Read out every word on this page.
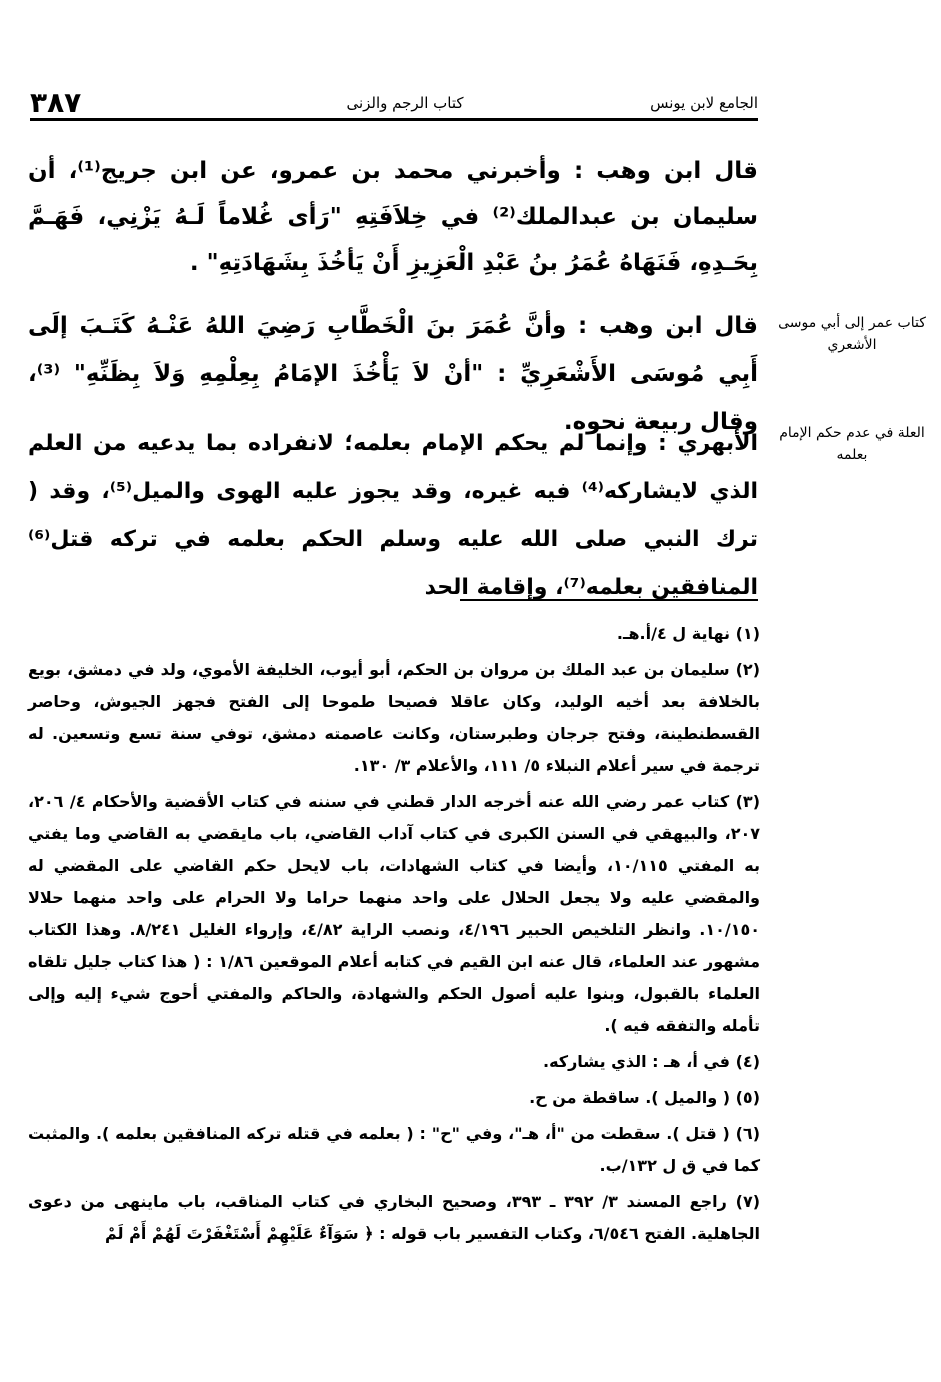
٣٨٧	كتاب الرجم والزنى	الجامع لابن يونس

قال ابن وهب : وأخبرني محمد بن عمرو، عن ابن جريج⁽¹⁾، أن سليمان بن عبدالملك⁽²⁾ في خِلاَفَتِهِ "رَأى غُلاماً لَـهُ يَزْنِي، فَهَـمَّ بِحَـدِهِ، فَنَهَاهُ عُمَرُ بنُ عَبْدِ الْعَزِيزِ أَنْ يَأخُذَ بِشَهَادَتِهِ" .

قال ابن وهب : وأنَّ عُمَرَ بنَ الْخَطَّابِ رَضِيَ اللهُ عَنْـهُ كَتَـبَ إلَى أَبِي مُوسَى الأَشْعَرِيِّ : "أنْ لاَ يَأْخُذَ الإمَامُ بِعِلْمِهِ وَلاَ بِظَنِّهِ" ⁽³⁾، وقال ربيعة نحوه.

الأبهري : وإنما لم يحكم الإمام بعلمه؛ لانفراده بما يدعيه من العلم الذي لايشاركه⁽⁴⁾ فيه غيره، وقد يجوز عليه الهوى والميل⁽⁵⁾، وقد ( ترك النبي صلى الله عليه وسلم الحكم بعلمه في تركه قتل⁽⁶⁾ المنافقين بعلمه⁽⁷⁾، وإقامة الحد

كتاب عمر إلى أبي موسى الأشعري
العلة في عدم حكم الإمام بعلمه

(١) نهاية ل ٤/أ.هـ.

(٢) سليمان بن عبد الملك بن مروان بن الحكم، أبو أيوب، الخليفة الأموي، ولد في دمشق، بويع بالخلافة بعد أخيه الوليد، وكان عاقلا فصيحا طموحا إلى الفتح فجهز الجيوش، وحاصر القسطنطينة، وفتح جرجان وطبرستان، وكانت عاصمته دمشق، توفي سنة تسع وتسعين. له ترجمة في سير أعلام النبلاء ٥/ ١١١، والأعلام ٣/ ١٣٠.

(٣) كتاب عمر رضي الله عنه أخرجه الدار قطني في سننه في كتاب الأقضية والأحكام ٤/ ٢٠٦، ٢٠٧، والبيهقي في السنن الكبرى في كتاب آداب القاضي، باب مايقضي به القاضي وما يفتي به المفتي ١٠/١١٥، وأيضا في كتاب الشهادات، باب لايحل حكم القاضي على المقضي له والمقضي عليه ولا يجعل الحلال على واحد منهما حراما ولا الحرام على واحد منهما حلالا ١٠/١٥٠. وانظر التلخيص الحبير ٤/١٩٦، ونصب الراية ٤/٨٢، وإرواء الغليل ٨/٢٤١. وهذا الكتاب مشهور عند العلماء، قال عنه ابن القيم في كتابه أعلام الموقعين ١/٨٦ : ( هذا كتاب جليل تلقاه العلماء بالقبول، وبنوا عليه أصول الحكم والشهادة، والحاكم والمفتي أحوج شيء إليه وإلى تأمله والتفقه فيه ).

(٤) في أ، هـ : الذي يشاركه.

(٥) ( والميل ). ساقطة من ح.

(٦) ( قتل ). سقطت من "أ، هـ"، وفي "ح" : ( بعلمه في قتله تركه المنافقين بعلمه ). والمثبت كما في ق ل ١٣٢/ب.

(٧) راجع المسند ٣/ ٣٩٢ ـ ٣٩٣، وصحيح البخاري في كتاب المناقب، باب ماينهى من دعوى الجاهلية. الفتح ٦/٥٤٦، وكتاب التفسير باب قوله : ﴿ سَوَآءٌ عَلَيْهِمْ أَسْتَغْفَرْتَ لَهُمْ أَمْ لَمْ
